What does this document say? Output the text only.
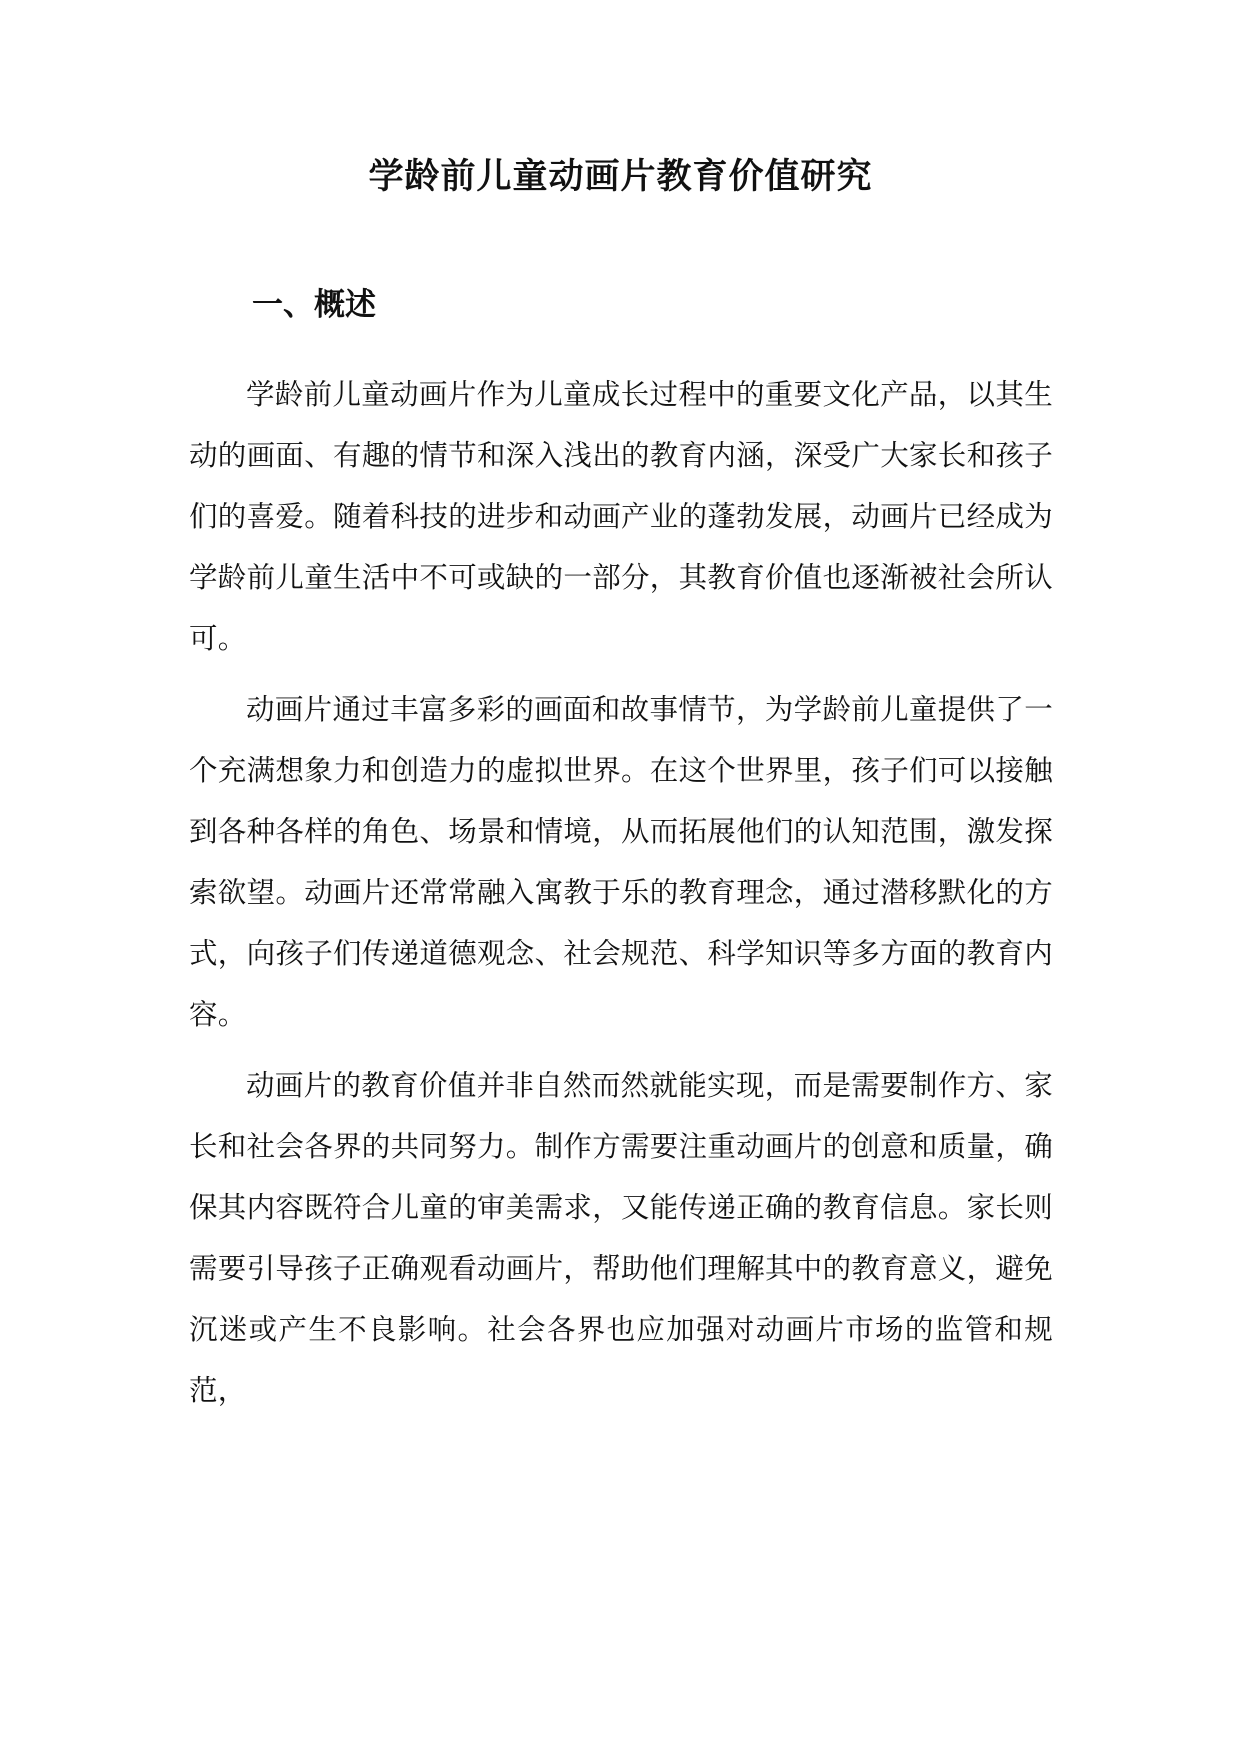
学龄前儿童动画片教育价值研究
一、概述

学龄前儿童动画片作为儿童成长过程中的重要文化产品，以其生动的画面、有趣的情节和深入浅出的教育内涵，深受广大家长和孩子们的喜爱。随着科技的进步和动画产业的蓬勃发展，动画片已经成为学龄前儿童生活中不可或缺的一部分，其教育价值也逐渐被社会所认可。

动画片通过丰富多彩的画面和故事情节，为学龄前儿童提供了一个充满想象力和创造力的虚拟世界。在这个世界里，孩子们可以接触到各种各样的角色、场景和情境，从而拓展他们的认知范围，激发探索欲望。动画片还常常融入寓教于乐的教育理念，通过潜移默化的方式，向孩子们传递道德观念、社会规范、科学知识等多方面的教育内容。

动画片的教育价值并非自然而然就能实现，而是需要制作方、家长和社会各界的共同努力。制作方需要注重动画片的创意和质量，确保其内容既符合儿童的审美需求，又能传递正确的教育信息。家长则需要引导孩子正确观看动画片，帮助他们理解其中的教育意义，避免沉迷或产生不良影响。社会各界也应加强对动画片市场的监管和规范，
